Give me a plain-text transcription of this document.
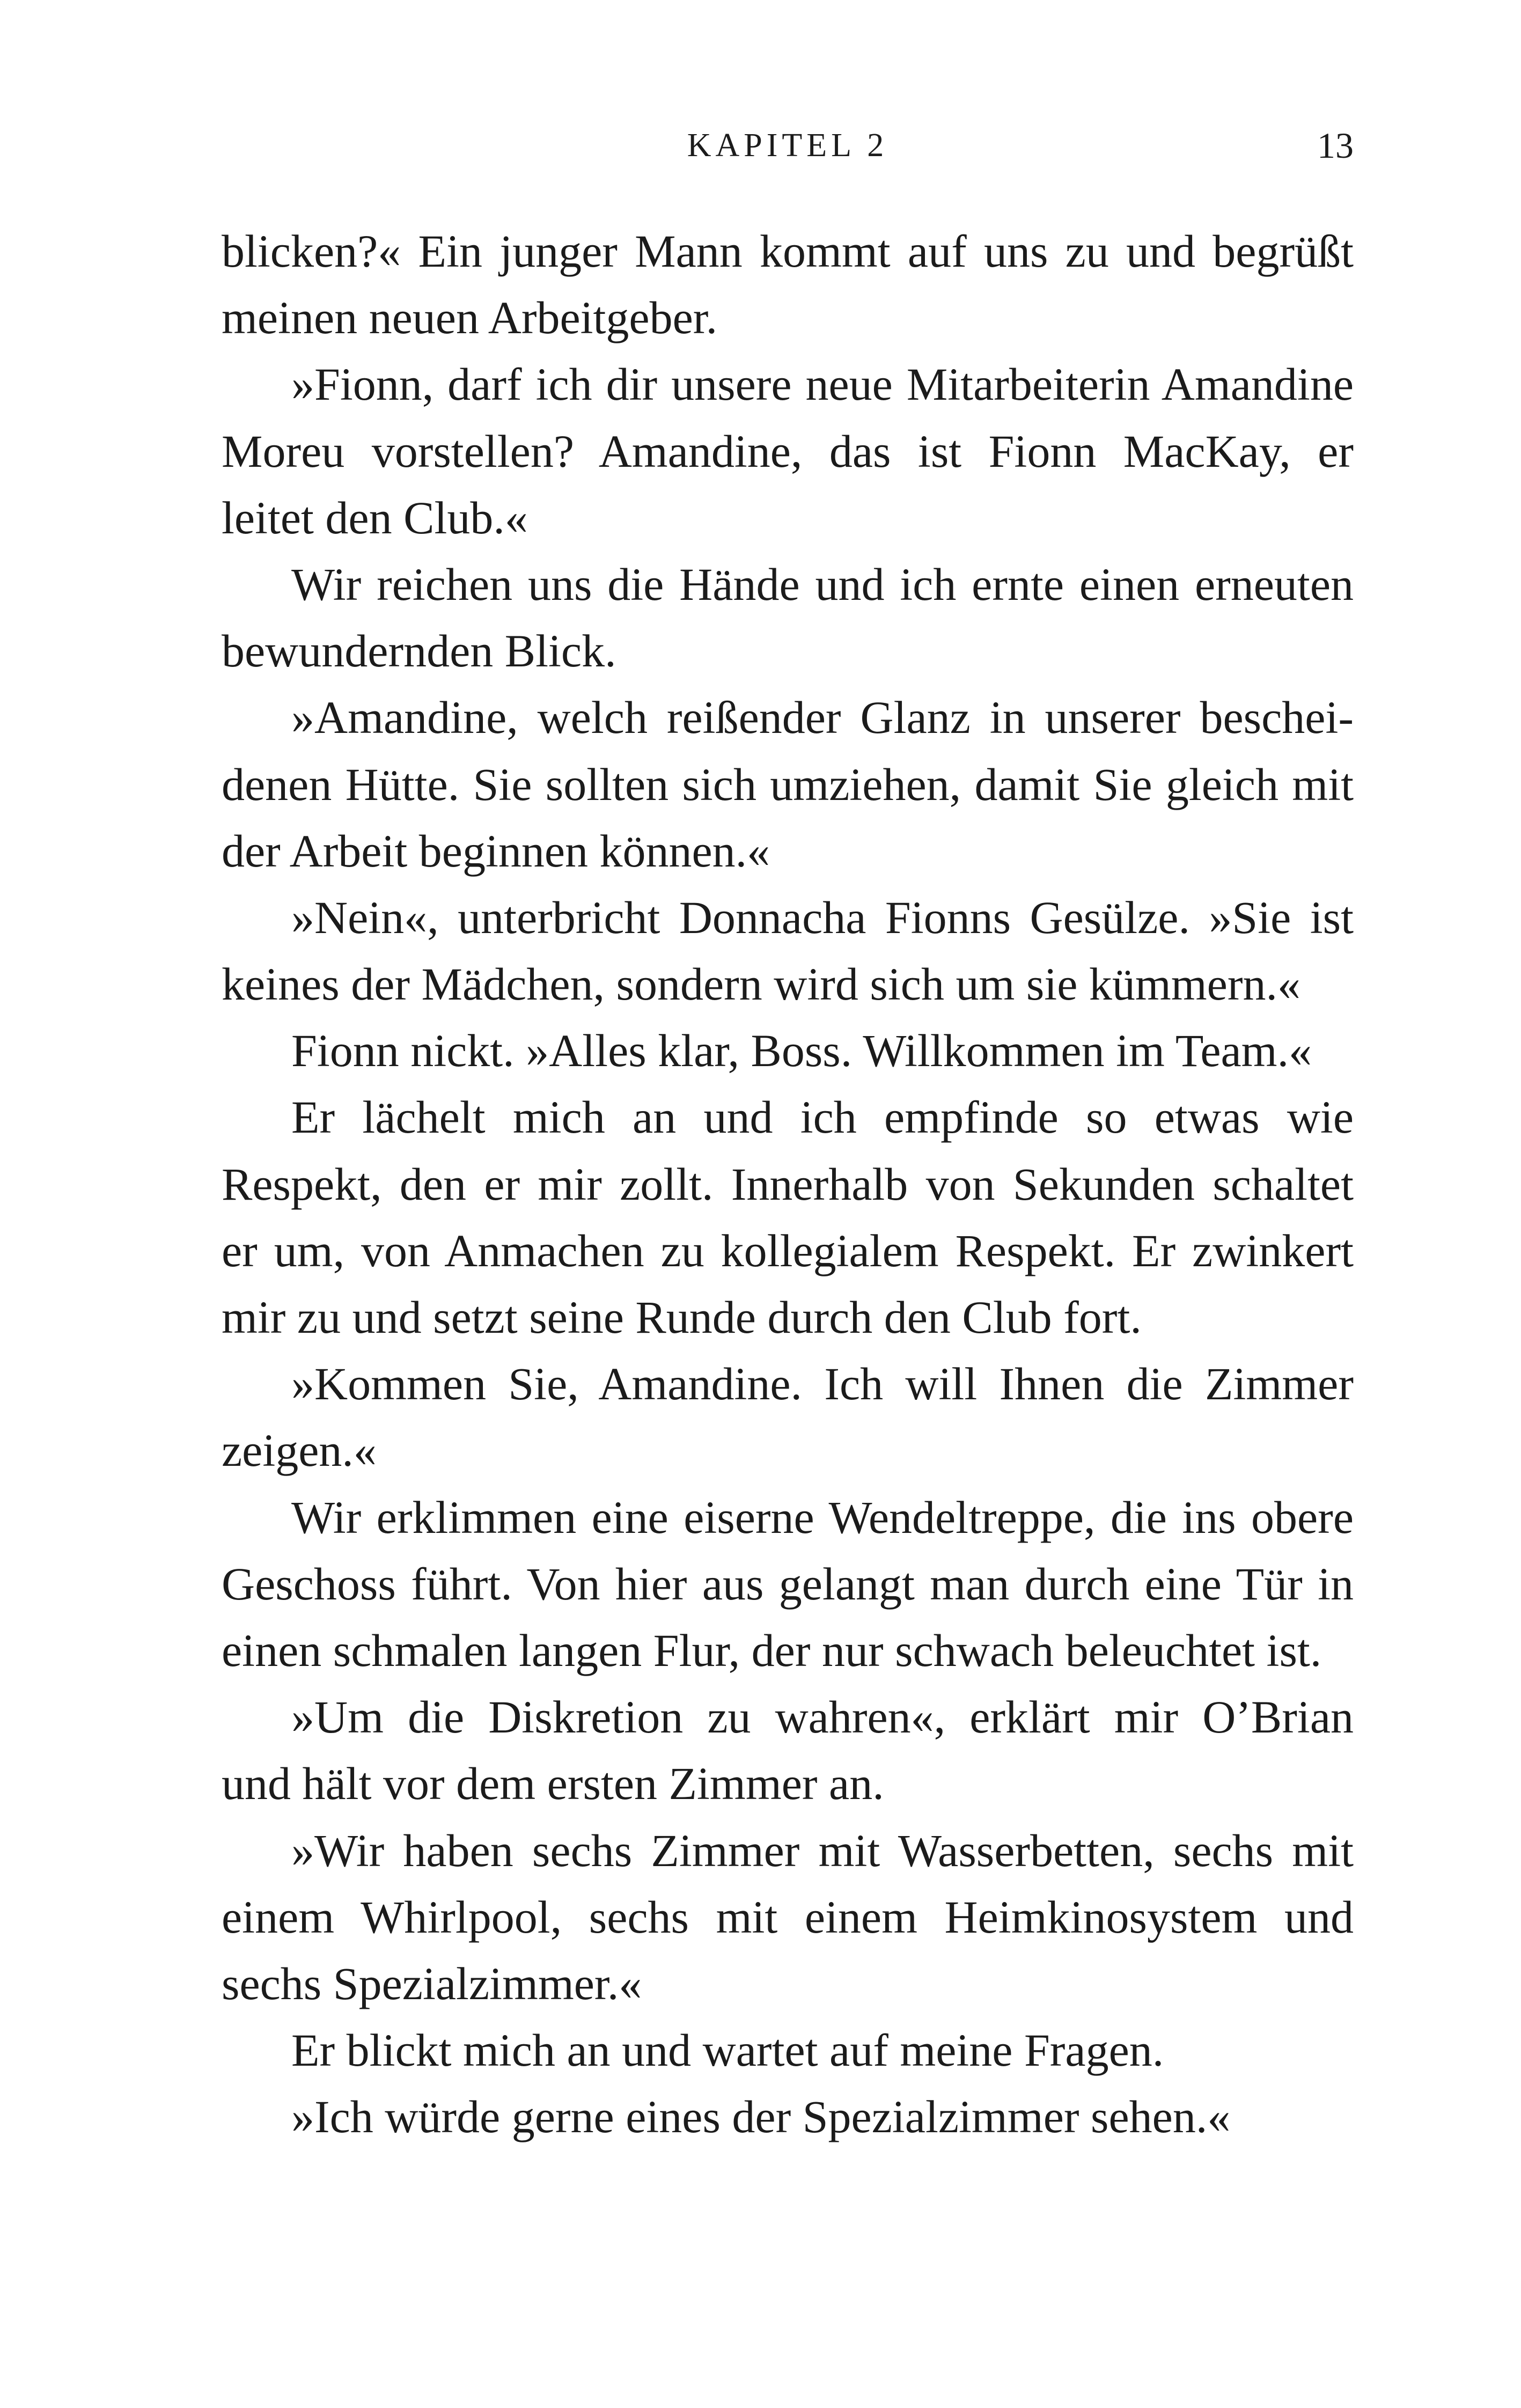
KAPITEL 2	13
blicken?« Ein junger Mann kommt auf uns zu und begrüßt
meinen neuen Arbeitgeber.
»Fionn, darf ich dir unsere neue Mitarbeiterin Amandine
Moreu vorstellen? Amandine, das ist Fionn MacKay, er
leitet den Club.«
Wir reichen uns die Hände und ich ernte einen erneuten
bewundernden Blick.
»Amandine, welch reißender Glanz in unserer beschei-
denen Hütte. Sie sollten sich umziehen, damit Sie gleich mit
der Arbeit beginnen können.«
»Nein«, unterbricht Donnacha Fionns Gesülze. »Sie ist
keines der Mädchen, sondern wird sich um sie kümmern.«
Fionn nickt. »Alles klar, Boss. Willkommen im Team.«
Er lächelt mich an und ich empfinde so etwas wie
Respekt, den er mir zollt. Innerhalb von Sekunden schaltet
er um, von Anmachen zu kollegialem Respekt. Er zwinkert
mir zu und setzt seine Runde durch den Club fort.
»Kommen Sie, Amandine. Ich will Ihnen die Zimmer
zeigen.«
Wir erklimmen eine eiserne Wendeltreppe, die ins obere
Geschoss führt. Von hier aus gelangt man durch eine Tür in
einen schmalen langen Flur, der nur schwach beleuchtet ist.
»Um die Diskretion zu wahren«, erklärt mir O’Brian
und hält vor dem ersten Zimmer an.
»Wir haben sechs Zimmer mit Wasserbetten, sechs mit
einem Whirlpool, sechs mit einem Heimkinosystem und
sechs Spezialzimmer.«
Er blickt mich an und wartet auf meine Fragen.
»Ich würde gerne eines der Spezialzimmer sehen.«
